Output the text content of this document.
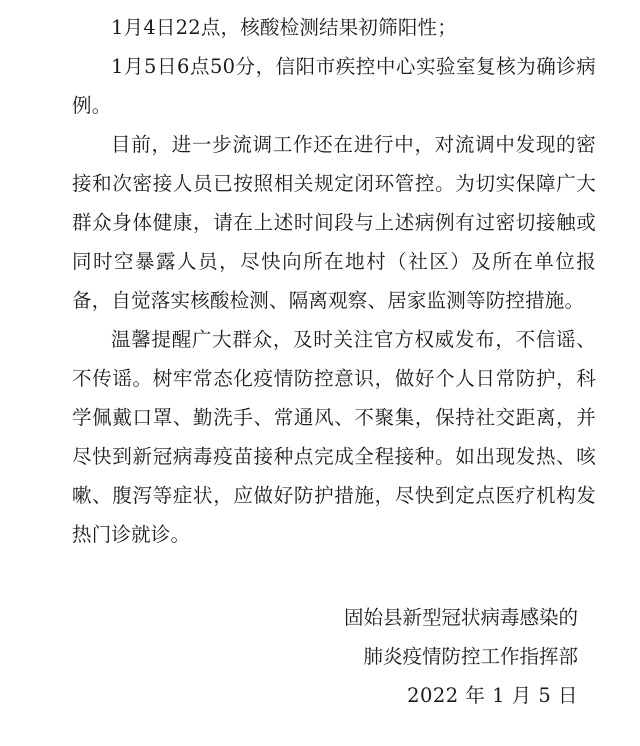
1月4日22点，核酸检测结果初筛阳性；

1月5日6点50分，信阳市疾控中心实验室复核为确诊病例。

目前，进一步流调工作还在进行中，对流调中发现的密接和次密接人员已按照相关规定闭环管控。为切实保障广大群众身体健康，请在上述时间段与上述病例有过密切接触或同时空暴露人员，尽快向所在地村（社区）及所在单位报备，自觉落实核酸检测、隔离观察、居家监测等防控措施。

温馨提醒广大群众，及时关注官方权威发布，不信谣、不传谣。树牢常态化疫情防控意识，做好个人日常防护，科学佩戴口罩、勤洗手、常通风、不聚集，保持社交距离，并尽快到新冠病毒疫苗接种点完成全程接种。如出现发热、咳嗽、腹泻等症状，应做好防护措施，尽快到定点医疗机构发热门诊就诊。

固始县新型冠状病毒感染的
肺炎疫情防控工作指挥部
2022 年 1 月 5 日
